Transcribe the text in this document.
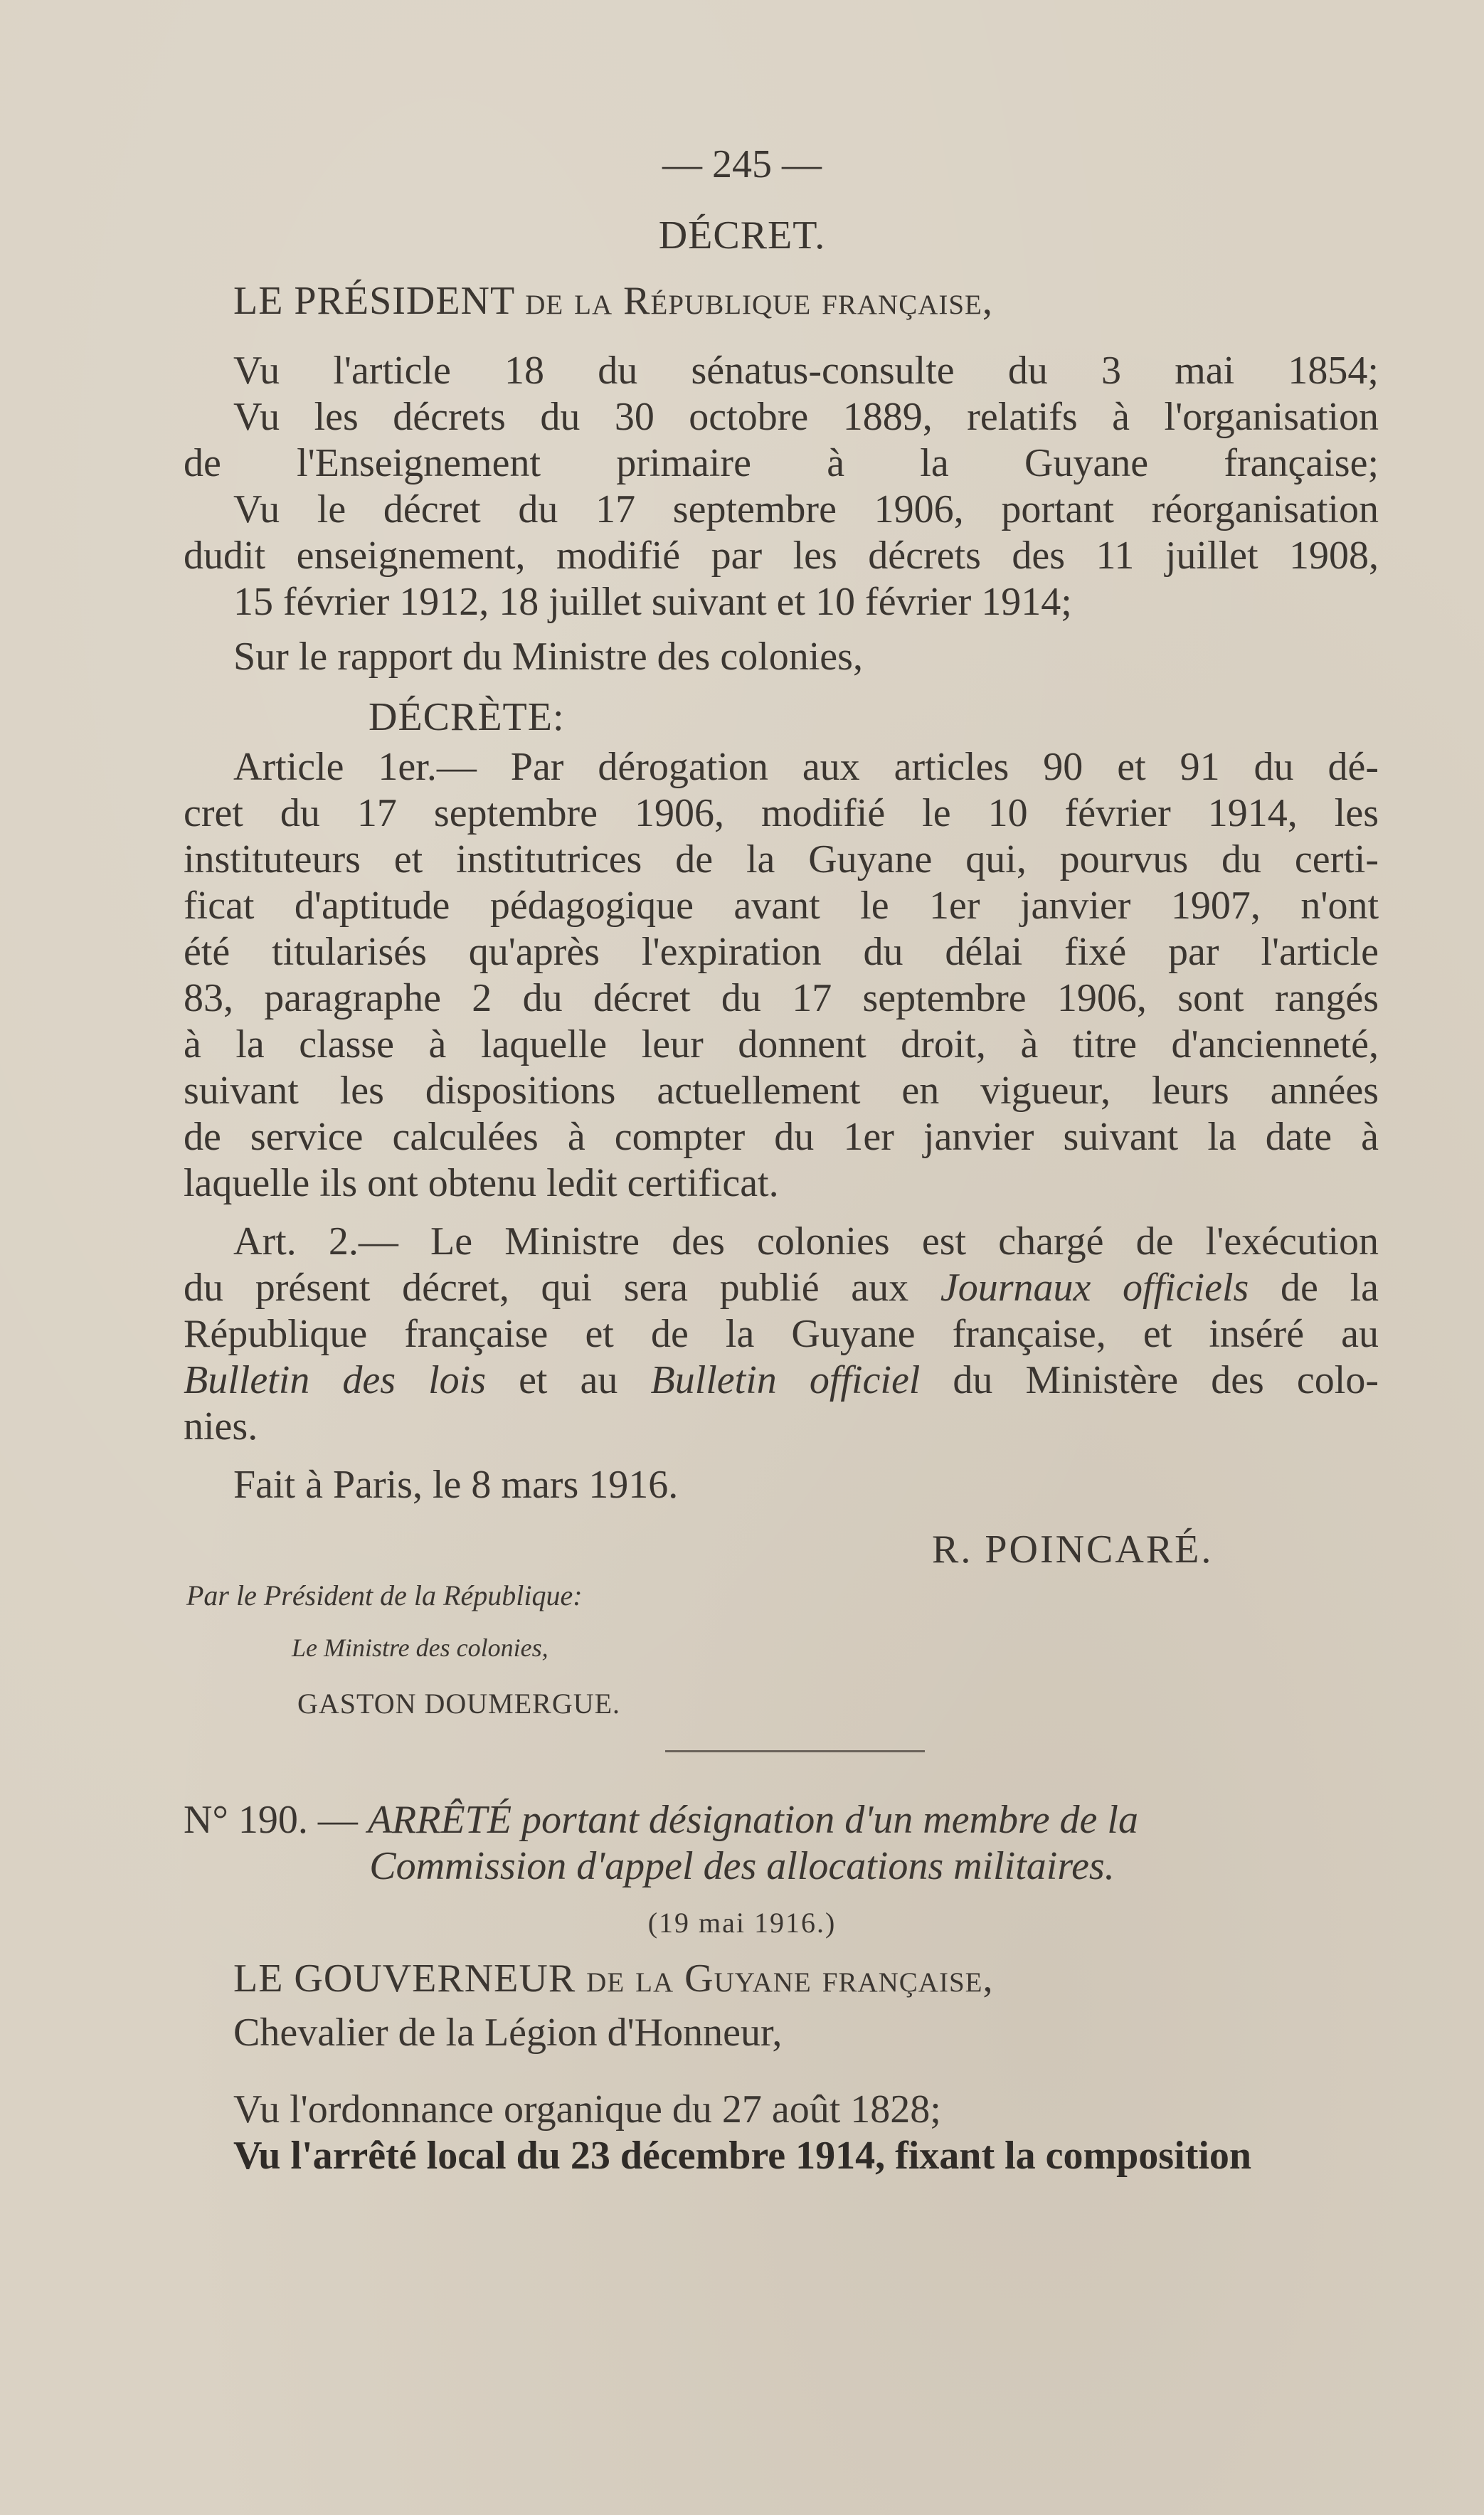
— 245 —
DÉCRET.
LE PRÉSIDENT de la République française,
Vu l'article 18 du sénatus-consulte du 3 mai 1854;
Vu les décrets du 30 octobre 1889, relatifs à l'organisation
de l'Enseignement primaire à la Guyane française;
Vu le décret du 17 septembre 1906, portant réorganisation
dudit enseignement, modifié par les décrets des 11 juillet 1908,
15 février 1912, 18 juillet suivant et 10 février 1914;
Sur le rapport du Ministre des colonies,
DÉCRÈTE:
Article 1er.— Par dérogation aux articles 90 et 91 du dé-
cret du 17 septembre 1906, modifié le 10 février 1914, les
instituteurs et institutrices de la Guyane qui, pourvus du certi-
ficat d'aptitude pédagogique avant le 1er janvier 1907, n'ont
été titularisés qu'après l'expiration du délai fixé par l'article
83, paragraphe 2 du décret du 17 septembre 1906, sont rangés
à la classe à laquelle leur donnent droit, à titre d'ancienneté,
suivant les dispositions actuellement en vigueur, leurs années
de service calculées à compter du 1er janvier suivant la date à
laquelle ils ont obtenu ledit certificat.
Art. 2.— Le Ministre des colonies est chargé de l'exécution
du présent décret, qui sera publié aux Journaux officiels de la
République française et de la Guyane française, et inséré au
Bulletin des lois et au Bulletin officiel du Ministère des colo-
nies.
Fait à Paris, le 8 mars 1916.
R. POINCARÉ.
Par le Président de la République:
Le Ministre des colonies,
GASTON DOUMERGUE.
N° 190. — ARRÊTÉ portant désignation d'un membre de la
Commission d'appel des allocations militaires.
(19 mai 1916.)
LE GOUVERNEUR de la Guyane française,
Chevalier de la Légion d'Honneur,
Vu l'ordonnance organique du 27 août 1828;
Vu l'arrêté local du 23 décembre 1914, fixant la composition
